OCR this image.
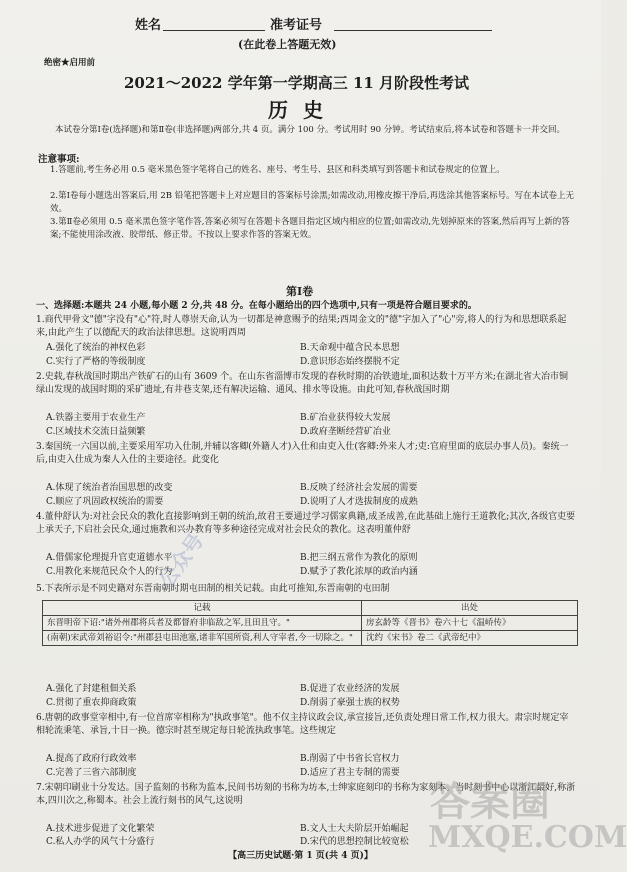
姓名	准考证号
(在此卷上答题无效)
绝密★启用前
2021～2022 学年第一学期高三 11 月阶段性考试
历 史
本试卷分第Ⅰ卷(选择题)和第Ⅱ卷(非选择题)两部分,共 4 页。满分 100 分。考试用时 90 分钟。考试结束后,将本试卷和答题卡一并交回。
注意事项:
1.答题前,考生务必用 0.5 毫米黑色签字笔将自己的姓名、座号、考生号、县区和科类填写到答题卡和试卷规定的位置上。
2.第Ⅰ卷每小题选出答案后,用 2B 铅笔把答题卡上对应题目的答案标号涂黑;如需改动,用橡皮擦干净后,再选涂其他答案标号。写在本试卷上无效。
3.第Ⅱ卷必须用 0.5 毫米黑色签字笔作答,答案必须写在答题卡各题目指定区域内相应的位置;如需改动,先划掉原来的答案,然后再写上新的答案;不能使用涂改液、胶带纸、修正带。不按以上要求作答的答案无效。
第Ⅰ卷
一、选择题:本题共 24 小题,每小题 2 分,共 48 分。在每小题给出的四个选项中,只有一项是符合题目要求的。
1.商代甲骨文"德"字没有"心"符,时人尊崇天命,认为一切都是神意赐予的结果;西周金文的"德"字加入了"心"旁,将人的行为和思想联系起来,由此产生了以德配天的政治法律思想。这说明西周
A.强化了统治的神权色彩	B.天命观中蕴含民本思想
C.实行了严格的等级制度	D.意识形态始终摆脱不定
2.史载,春秋战国时期出产铁矿石的山有 3609 个。在山东省淄博市发现的春秋时期的冶铁遗址,面积达数十万平方米;在湖北省大冶市铜绿山发现的战国时期的采矿遗址,有井巷支架,还有解决运输、通风、排水等设施。由此可知,春秋战国时期
A.铁器主要用于农业生产	B.矿冶业获得较大发展
C.区域技术交流日益频繁	D.政府垄断经营矿冶业
3.秦国统一六国以前,主要采用军功入仕制,并辅以客卿(外籍人才)入仕和由吏入仕(客卿:外来人才;吏:官府里面的底层办事人员)。秦统一后,由吏入仕成为秦人入仕的主要途径。此变化
A.体现了统治者治国思想的改变	B.反映了经济社会发展的需要
C.顺应了巩固政权统治的需要	D.说明了人才选拔制度的成熟
4.董仲舒认为:对社会民众的教化直接影响到王朝的统治,故君王要通过学习儒家典籍,成圣成善,在此基础上施行王道教化;其次,各级官吏要上承天子,下启社会民众,通过施教和兴办教育等多种途径完成对社会民众的教化。这表明董仲舒
A.借儒家伦理提升官吏道德水平	B.把三纲五常作为教化的原则
C.用教化来规范民众个人的行为	D.赋予了教化浓厚的政治内涵
5.下表所示是不同史籍对东晋南朝时期屯田制的相关记载。由此可推知,东晋南朝的屯田制
记载	出处
东晋明帝下诏:"诸外州郡将兵者及都督府非临敌之军,且田且守。"	房玄龄等《晋书》卷六十七《温峤传》
(南朝)宋武帝刘裕诏令:"州郡县屯田池塞,诸非军国所资,利人守宰者,今一切除之。"	沈约《宋书》卷二《武帝纪中》
A.强化了封建租佃关系	B.促进了农业经济的发展
C.贯彻了重农抑商政策	D.削弱了豪强士族的权势
6.唐朝的政事堂宰相中,有一位首席宰相称为"执政事笔"。他不仅主持议政会议,承宣接旨,还负责处理日常工作,权力很大。肃宗时规定宰相轮流秉笔、承旨,十日一换。德宗时甚至规定每日轮流执政事笔。这些规定
A.提高了政府行政效率	B.削弱了中书省长官权力
C.完善了三省六部制度	D.适应了君主专制的需要
7.宋朝印刷业十分发达。国子监刻的书称为监本,民间书坊刻的书称为坊本,士绅家庭刻印的书称为家刻本。当时刻书中心以浙江最好,称浙本,四川次之,称蜀本。社会上流行刻书的风气,这说明
A.技术进步促进了文化繁荣	B.文人士大夫阶层开始崛起
C.私人办学的风气十分盛行	D.宋代的思想控制比较宽松
公众号
答案圈
MXQE.COM
【高三历史试题·第 1 页(共 4 页)】
